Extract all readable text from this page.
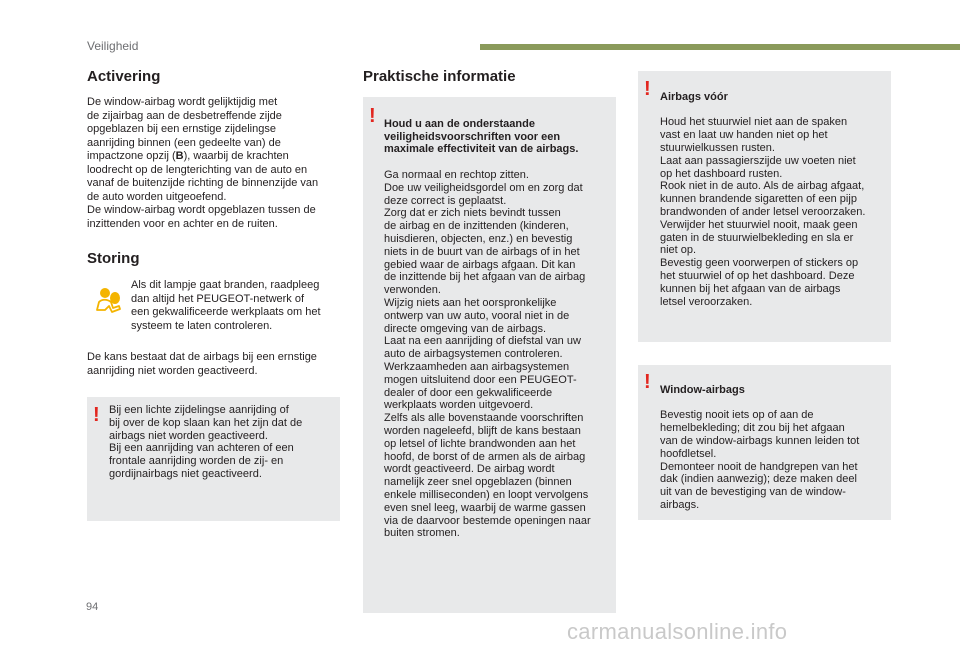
Veiligheid
Activering
De window-airbag wordt gelijktijdig met
de zijairbag aan de desbetreffende zijde
opgeblazen bij een ernstige zijdelingse
aanrijding binnen (een gedeelte van) de
impactzone opzij (B), waarbij de krachten
loodrecht op de lengterichting van de auto en
vanaf de buitenzijde richting de binnenzijde van
de auto worden uitgeoefend.
De window-airbag wordt opgeblazen tussen de
inzittenden voor en achter en de ruiten.
Storing
Als dit lampje gaat branden, raadpleeg
dan altijd het PEUGEOT-netwerk of
een gekwalificeerde werkplaats om het
systeem te laten controleren.
De kans bestaat dat de airbags bij een ernstige
aanrijding niet worden geactiveerd.
! Bij een lichte zijdelingse aanrijding of
bij over de kop slaan kan het zijn dat de
airbags niet worden geactiveerd.
Bij een aanrijding van achteren of een
frontale aanrijding worden de zij- en
gordijnairbags niet geactiveerd.
Praktische informatie
! Houd u aan de onderstaande
veiligheidsvoorschriften voor een
maximale effectiviteit van de airbags.

Ga normaal en rechtop zitten.
Doe uw veiligheidsgordel om en zorg dat
deze correct is geplaatst.
Zorg dat er zich niets bevindt tussen
de airbag en de inzittenden (kinderen,
huisdieren, objecten, enz.) en bevestig
niets in de buurt van de airbags of in het
gebied waar de airbags afgaan. Dit kan
de inzittende bij het afgaan van de airbag
verwonden.
Wijzig niets aan het oorspronkelijke
ontwerp van uw auto, vooral niet in de
directe omgeving van de airbags.
Laat na een aanrijding of diefstal van uw
auto de airbagsystemen controleren.
Werkzaamheden aan airbagsystemen
mogen uitsluitend door een PEUGEOT-
dealer of door een gekwalificeerde
werkplaats worden uitgevoerd.
Zelfs als alle bovenstaande voorschriften
worden nageleefd, blijft de kans bestaan
op letsel of lichte brandwonden aan het
hoofd, de borst of de armen als de airbag
wordt geactiveerd. De airbag wordt
namelijk zeer snel opgeblazen (binnen
enkele milliseconden) en loopt vervolgens
even snel leeg, waarbij de warme gassen
via de daarvoor bestemde openingen naar
buiten stromen.

! Airbags vóór

Houd het stuurwiel niet aan de spaken
vast en laat uw handen niet op het
stuurwielkussen rusten.
Laat aan passagierszijde uw voeten niet
op het dashboard rusten.
Rook niet in de auto. Als de airbag afgaat,
kunnen brandende sigaretten of een pijp
brandwonden of ander letsel veroorzaken.
Verwijder het stuurwiel nooit, maak geen
gaten in de stuurwielbekleding en sla er
niet op.
Bevestig geen voorwerpen of stickers op
het stuurwiel of op het dashboard. Deze
kunnen bij het afgaan van de airbags
letsel veroorzaken.

! Window-airbags

Bevestig nooit iets op of aan de
hemelbekleding; dit zou bij het afgaan
van de window-airbags kunnen leiden tot
hoofdletsel.
Demonteer nooit de handgrepen van het
dak (indien aanwezig); deze maken deel
uit van de bevestiging van de window-
airbags.

94
carmanualsonline.info
